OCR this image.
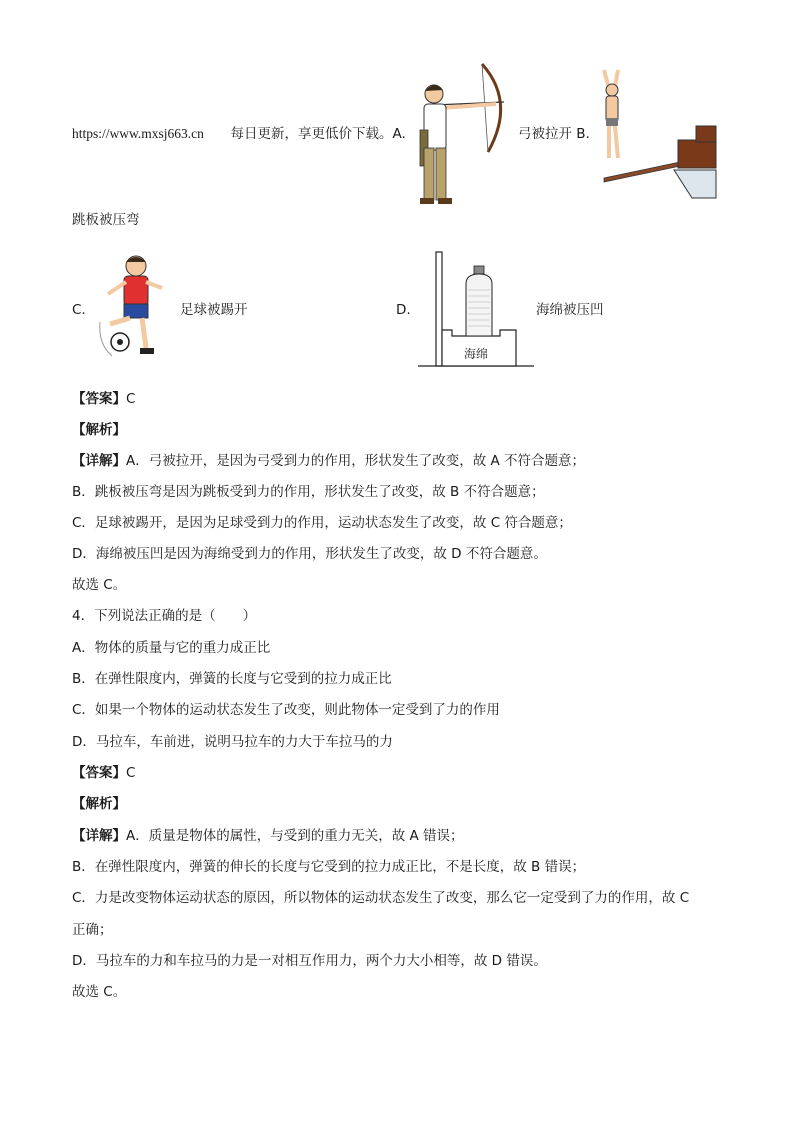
https://www.mxsj663.cn 每日更新，享更低价下载。A.	弓被拉开 B.
跳板被压弯
C.	足球被踢开	D.
海绵
海绵被压凹
【答案】C
【解析】
【详解】A．弓被拉开，是因为弓受到力的作用，形状发生了改变，故 A 不符合题意；
B．跳板被压弯是因为跳板受到力的作用，形状发生了改变，故 B 不符合题意；
C．足球被踢开，是因为足球受到力的作用，运动状态发生了改变，故 C 符合题意；
D．海绵被压凹是因为海绵受到力的作用，形状发生了改变，故 D 不符合题意。
故选 C。
4．下列说法正确的是（　　）
A．物体的质量与它的重力成正比
B．在弹性限度内，弹簧的长度与它受到的拉力成正比
C．如果一个物体的运动状态发生了改变，则此物体一定受到了力的作用
D．马拉车，车前进，说明马拉车的力大于车拉马的力
【答案】C
【解析】
【详解】A．质量是物体的属性，与受到的重力无关，故 A 错误；
B．在弹性限度内，弹簧的伸长的长度与它受到的拉力成正比，不是长度，故 B 错误；
C．力是改变物体运动状态的原因，所以物体的运动状态发生了改变，那么它一定受到了力的作用，故 C
正确；
D．马拉车的力和车拉马的力是一对相互作用力，两个力大小相等，故 D 错误。
故选 C。
